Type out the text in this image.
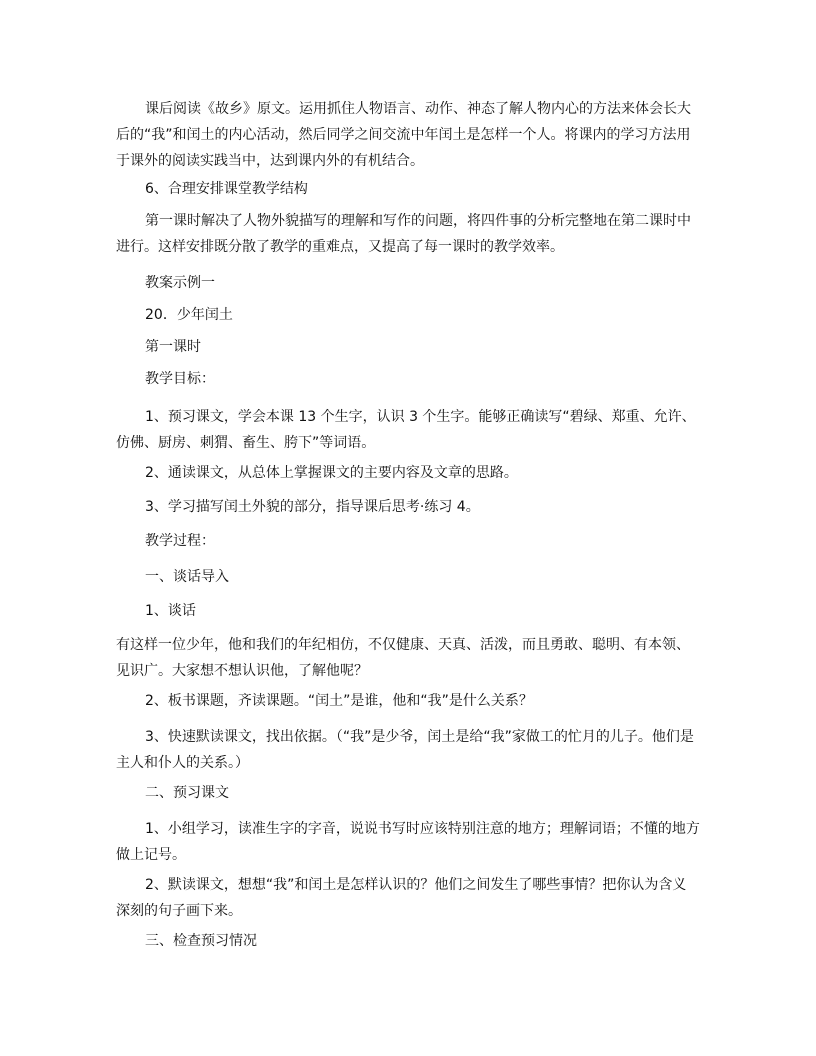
课后阅读《故乡》原文。运用抓住人物语言、动作、神态了解人物内心的方法来体会长大后的“我”和闰土的内心活动，然后同学之间交流中年闰土是怎样一个人。将课内的学习方法用于课外的阅读实践当中，达到课内外的有机结合。

6、合理安排课堂教学结构

第一课时解决了人物外貌描写的理解和写作的问题，将四件事的分析完整地在第二课时中进行。这样安排既分散了教学的重难点，又提高了每一课时的教学效率。

教案示例一

20．少年闰土

第一课时

教学目标：

1、预习课文，学会本课 13 个生字，认识 3 个生字。能够正确读写“碧绿、郑重、允许、仿佛、厨房、刺猬、畜生、胯下”等词语。

2、通读课文，从总体上掌握课文的主要内容及文章的思路。

3、学习描写闰土外貌的部分，指导课后思考·练习 4。

教学过程：

一、谈话导入

1、谈话

有这样一位少年，他和我们的年纪相仿，不仅健康、天真、活泼，而且勇敢、聪明、有本领、见识广。大家想不想认识他，了解他呢？

2、板书课题，齐读课题。“闰土”是谁，他和“我”是什么关系？

3、快速默读课文，找出依据。（“我”是少爷，闰土是给“我”家做工的忙月的儿子。他们是主人和仆人的关系。）

二、预习课文

1、小组学习，读准生字的字音，说说书写时应该特别注意的地方；理解词语；不懂的地方做上记号。

2、默读课文，想想“我”和闰土是怎样认识的？他们之间发生了哪些事情？把你认为含义深刻的句子画下来。

三、检查预习情况
